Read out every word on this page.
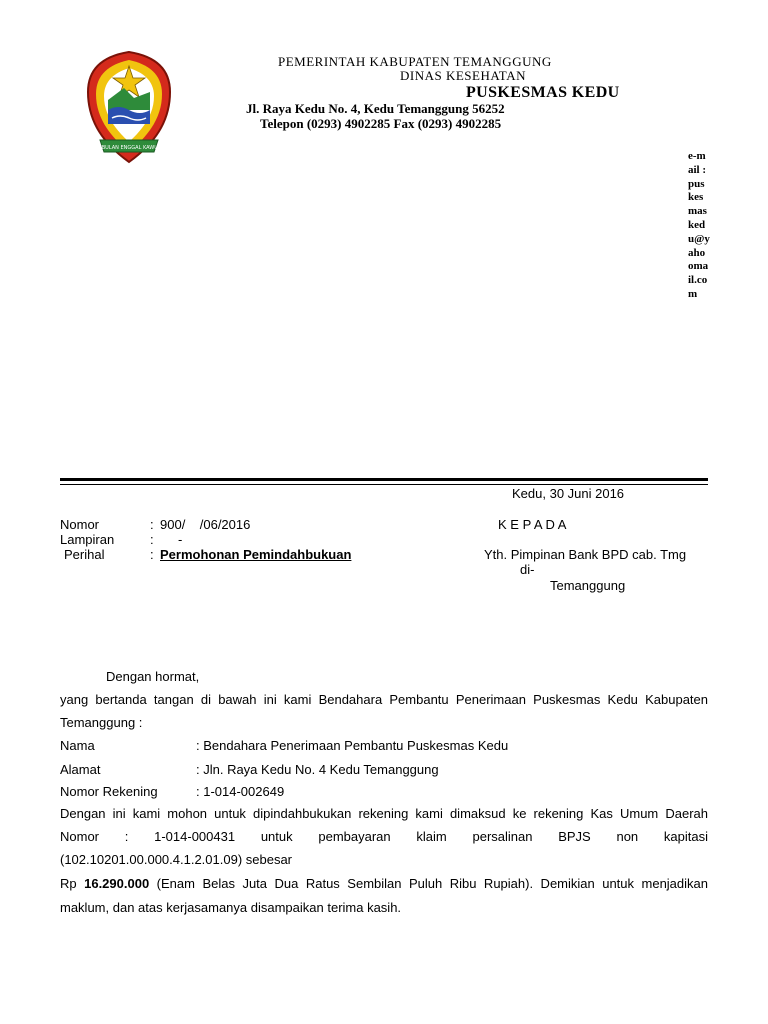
UMBULAN ENGGAL KAWULA
PEMERINTAH KABUPATEN TEMANGGUNG
DINAS KESEHATAN
PUSKESMAS KEDU
Jl. Raya Kedu No. 4, Kedu Temanggung 56252
Telepon (0293) 4902285 Fax (0293) 4902285
e-mail : puskesmaskedu@yahoomail.com
Kedu, 30 Juni 2016
Nomor	: 900/    /06/2016
Lampiran	: -
Perihal	: Permohonan Pemindahbukuan
K E P A D A
Yth. Pimpinan Bank BPD cab. Tmg
di-
Temanggung
Dengan hormat,
yang bertanda tangan di bawah ini kami Bendahara Pembantu Penerimaan Puskesmas Kedu Kabupaten
Temanggung :
Nama	: Bendahara Penerimaan Pembantu Puskesmas Kedu
Alamat	: Jln. Raya Kedu No. 4 Kedu Temanggung
Nomor Rekening	: 1-014-002649
Dengan ini kami mohon untuk dipindahbukukan rekening kami dimaksud ke rekening Kas Umum Daerah
Nomor  :  1-014-000431  untuk  pembayaran  klaim  persalinan  BPJS  non  kapitasi
(102.10201.00.000.4.1.2.01.09) sebesar
Rp 16.290.000 (Enam Belas Juta Dua Ratus Sembilan Puluh Ribu Rupiah). Demikian untuk menjadikan
maklum, dan atas kerjasamanya disampaikan terima kasih.
